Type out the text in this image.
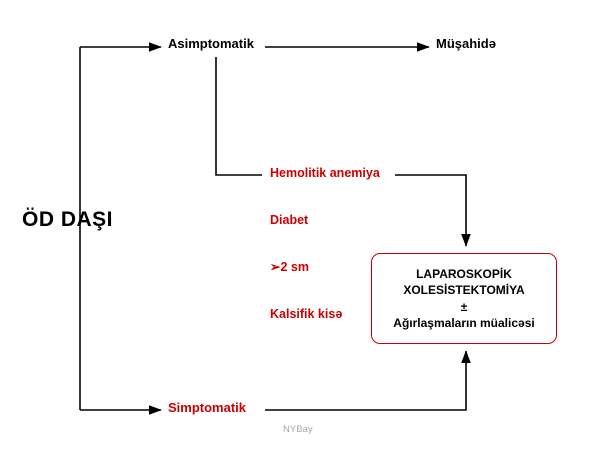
ÖD DAŞI
Asimptomatik	Müşahidə
Simptomatik

Hemolitik anemiya

Diabet

➢2 sm

Kalsifik kisə

LAPAROSKOPİK
XOLESİSTEKTOMİYA
±
Ağırlaşmaların müalicəsi
NYBay
